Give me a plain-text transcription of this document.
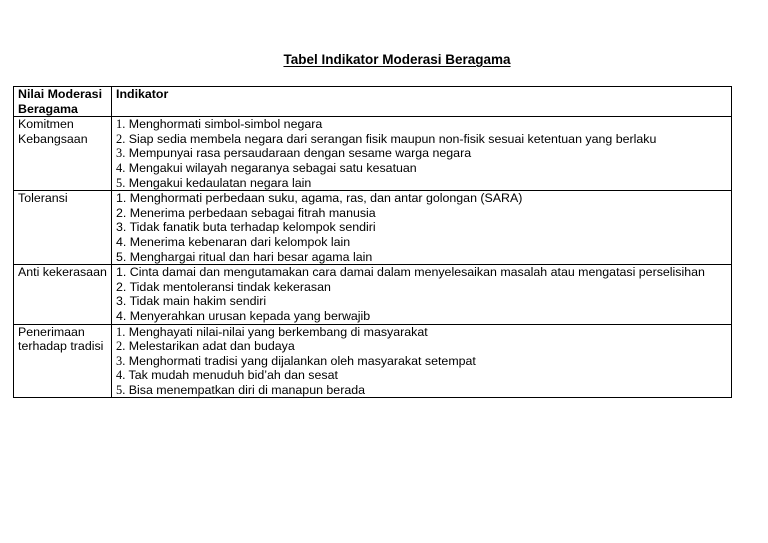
Tabel Indikator Moderasi Beragama
Nilai Moderasi Beragama	Indikator
Komitmen Kebangsaan	1. Menghormati simbol-simbol negara
2. Siap sedia membela negara dari serangan fisik maupun non-fisik sesuai ketentuan yang berlaku
3. Mempunyai rasa persaudaraan dengan sesame warga negara
4. Mengakui wilayah negaranya sebagai satu kesatuan
5. Mengakui kedaulatan negara lain

Toleransi	1. Menghormati perbedaan suku, agama, ras, dan antar golongan (SARA)
2. Menerima perbedaan sebagai fitrah manusia
3. Tidak fanatik buta terhadap kelompok sendiri
4. Menerima kebenaran dari kelompok lain
5. Menghargai ritual dan hari besar agama lain

Anti kekerasaan	1. Cinta damai dan mengutamakan cara damai dalam menyelesaikan masalah atau mengatasi perselisihan
2. Tidak mentoleransi tindak kekerasan
3. Tidak main hakim sendiri
4. Menyerahkan urusan kepada yang berwajib

Penerimaan terhadap tradisi	1. Menghayati nilai-nilai yang berkembang di masyarakat
2. Melestarikan adat dan budaya
3. Menghormati tradisi yang dijalankan oleh masyarakat setempat
4. Tak mudah menuduh bid’ah dan sesat
5. Bisa menempatkan diri di manapun berada
